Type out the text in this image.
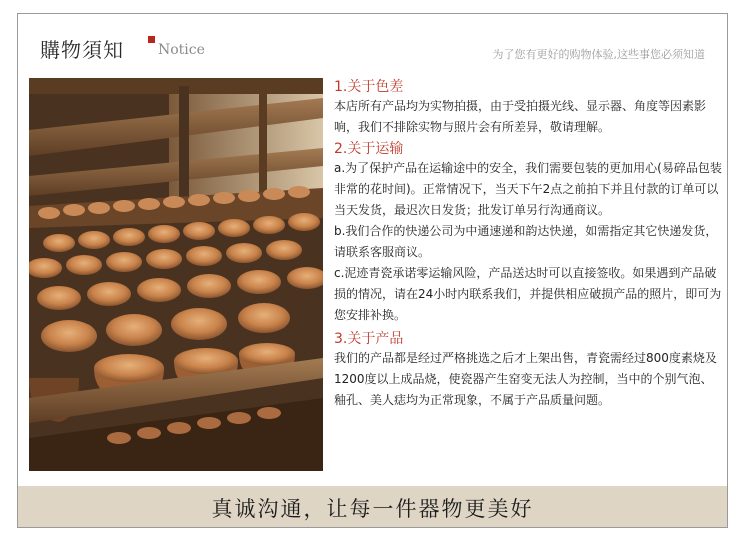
購物須知 Notice	为了您有更好的购物体验,这些事您必须知道
1.关于色差
本店所有产品均为实物拍摄，由于受拍摄光线、显示器、角度等因素影响，我们不排除实物与照片会有所差异，敬请理解。
2.关于运输
a.为了保护产品在运输途中的安全，我们需要包装的更加用心(易碎品包装非常的花时间)。正常情况下，当天下午2点之前拍下并且付款的订单可以当天发货，最迟次日发货；批发订单另行沟通商议。
b.我们合作的快递公司为中通速递和韵达快递，如需指定其它快递发货，请联系客服商议。
c.泥迹青瓷承诺零运输风险，产品送达时可以直接签收。如果遇到产品破损的情况，请在24小时内联系我们，并提供相应破损产品的照片，即可为您安排补换。
3.关于产品
我们的产品都是经过严格挑选之后才上架出售，青瓷需经过800度素烧及1200度以上成品烧，使瓷器产生窑变无法人为控制，当中的个别气泡、釉孔、美人痣均为正常现象，不属于产品质量问题。
真诚沟通，让每一件器物更美好
